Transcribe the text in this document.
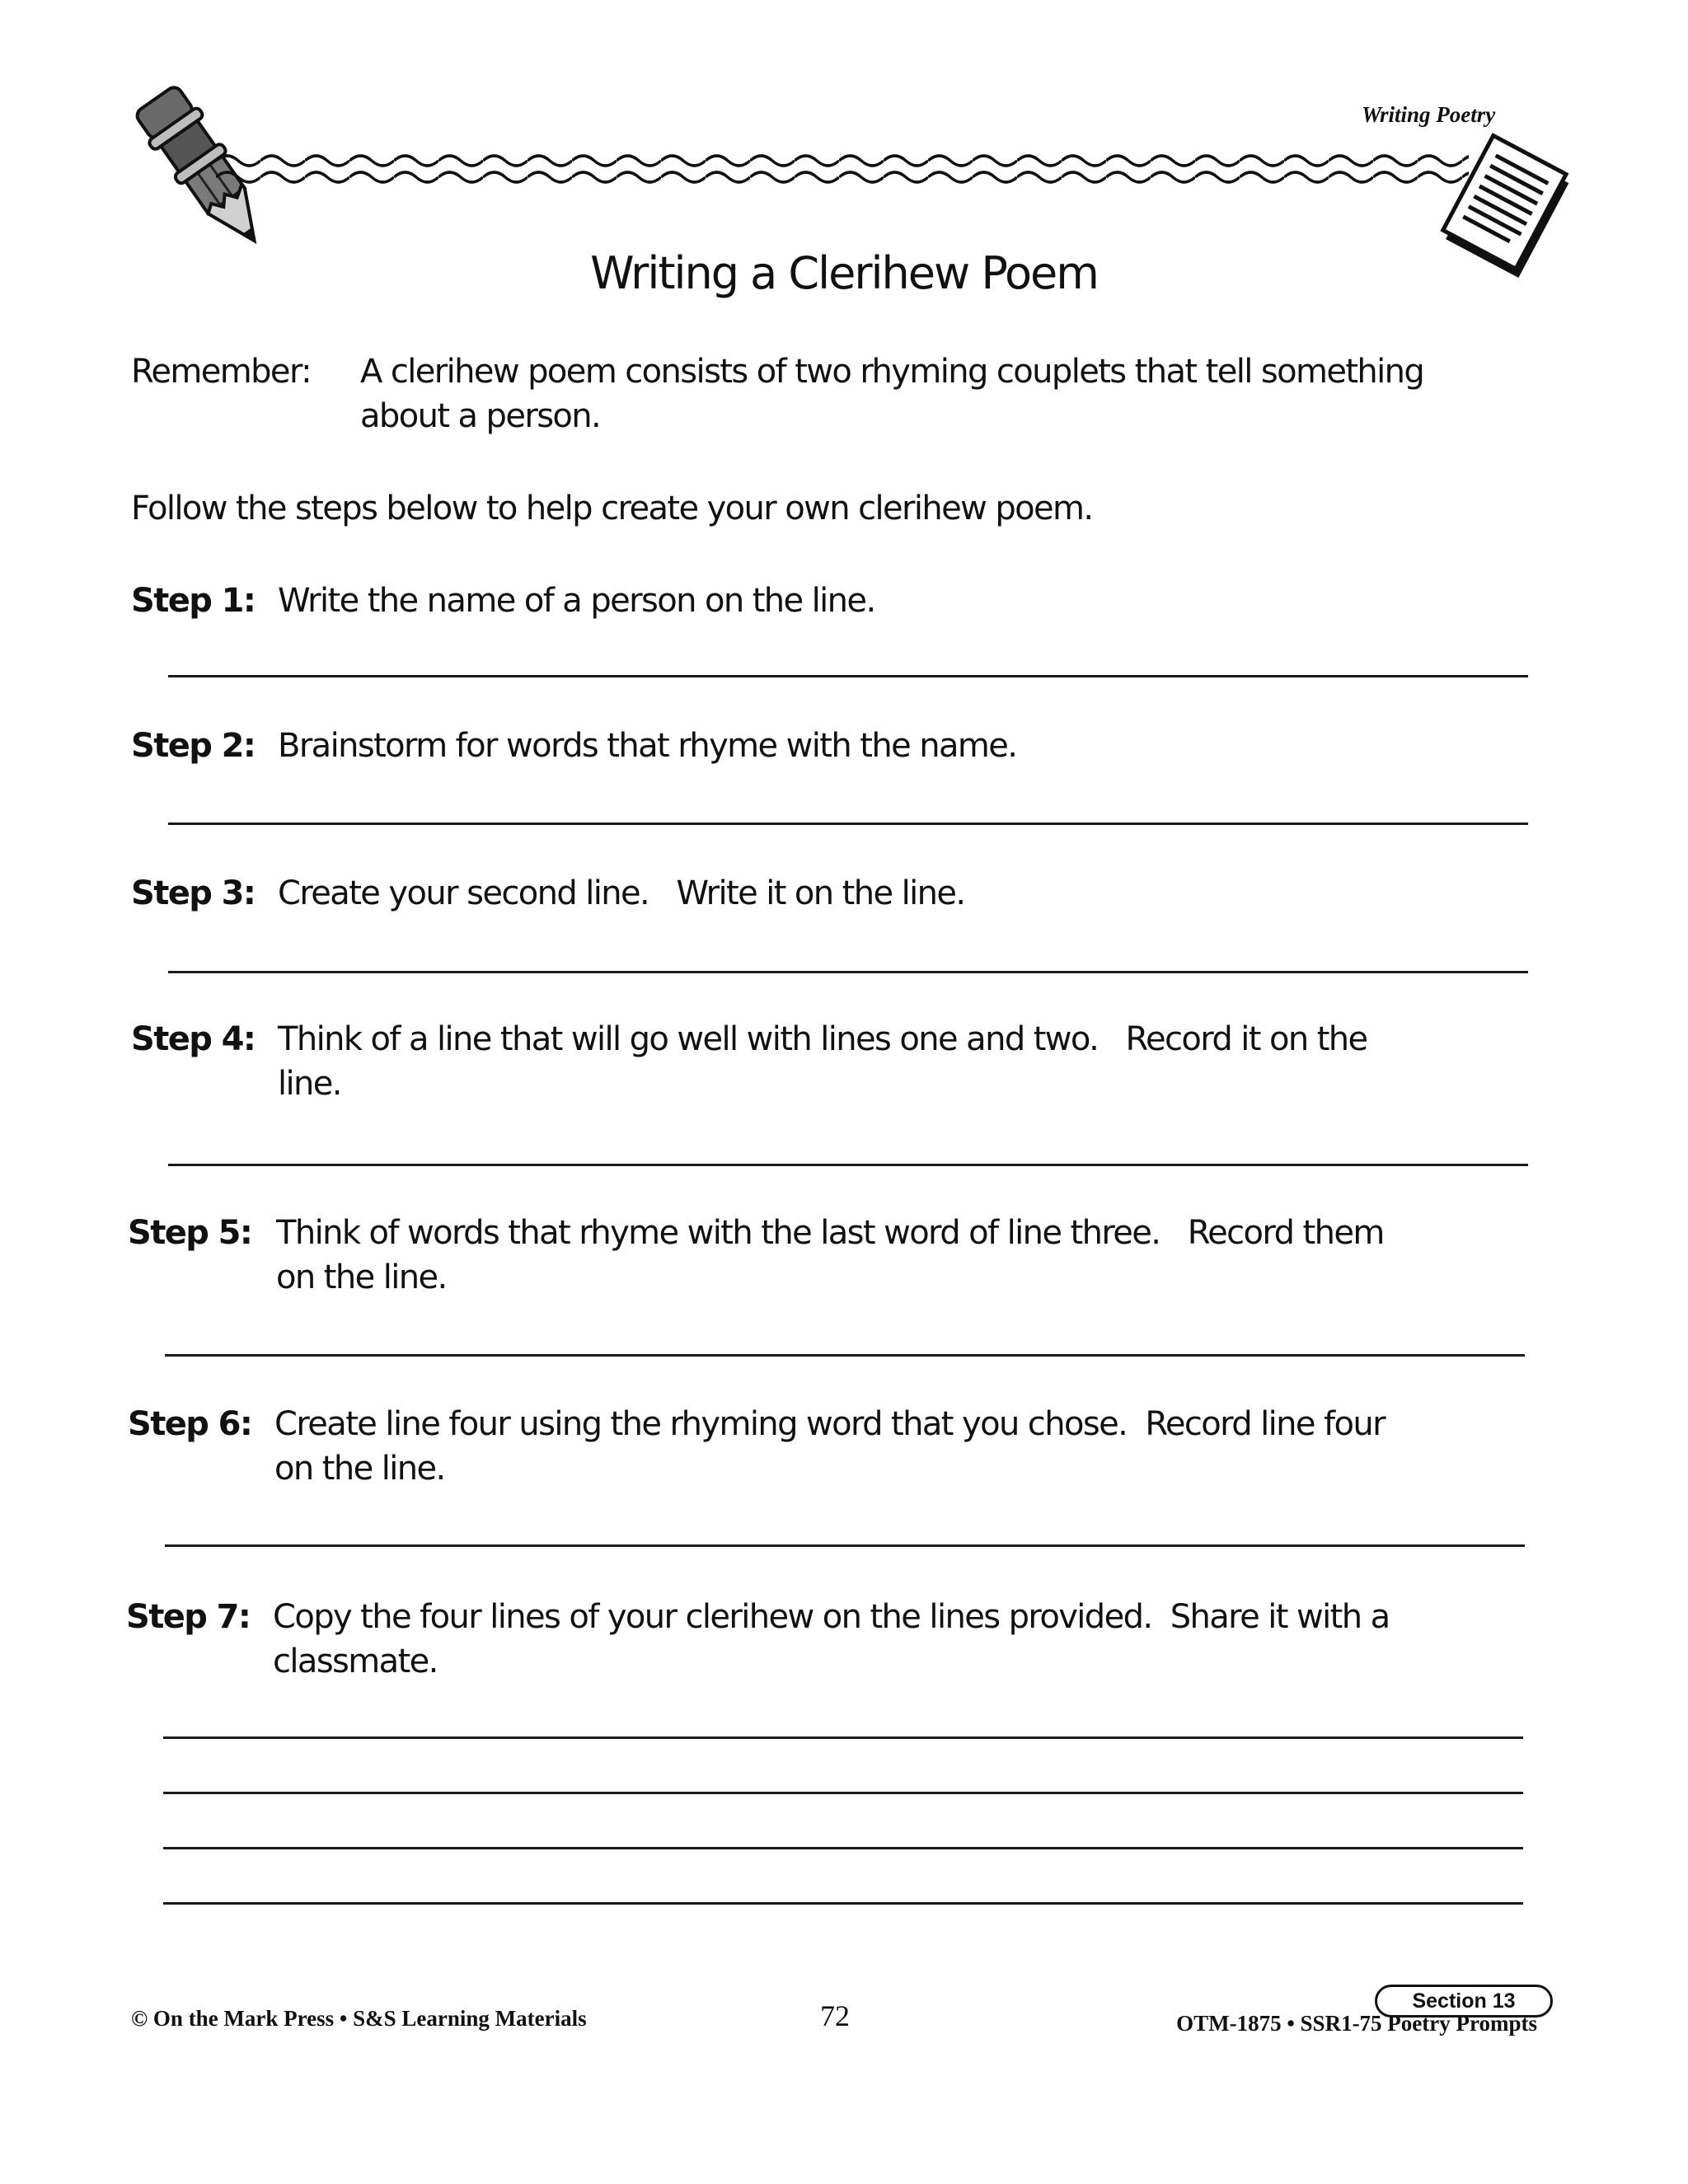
Writing Poetry
Writing a Clerihew Poem
Remember: A clerihew poem consists of two rhyming couplets that tell something
about a person.
Follow the steps below to help create your own clerihew poem.
Step 1: Write the name of a person on the line.
Step 2: Brainstorm for words that rhyme with the name.
Step 3: Create your second line.   Write it on the line.
Step 4: Think of a line that will go well with lines one and two.   Record it on the
line.
Step 5: Think of words that rhyme with the last word of line three.   Record them
on the line.
Step 6: Create line four using the rhyming word that you chose.  Record line four
on the line.
Step 7: Copy the four lines of your clerihew on the lines provided.  Share it with a
classmate.
Section 13
© On the Mark Press • S&S Learning Materials	72	OTM-1875 • SSR1-75 Poetry Prompts
